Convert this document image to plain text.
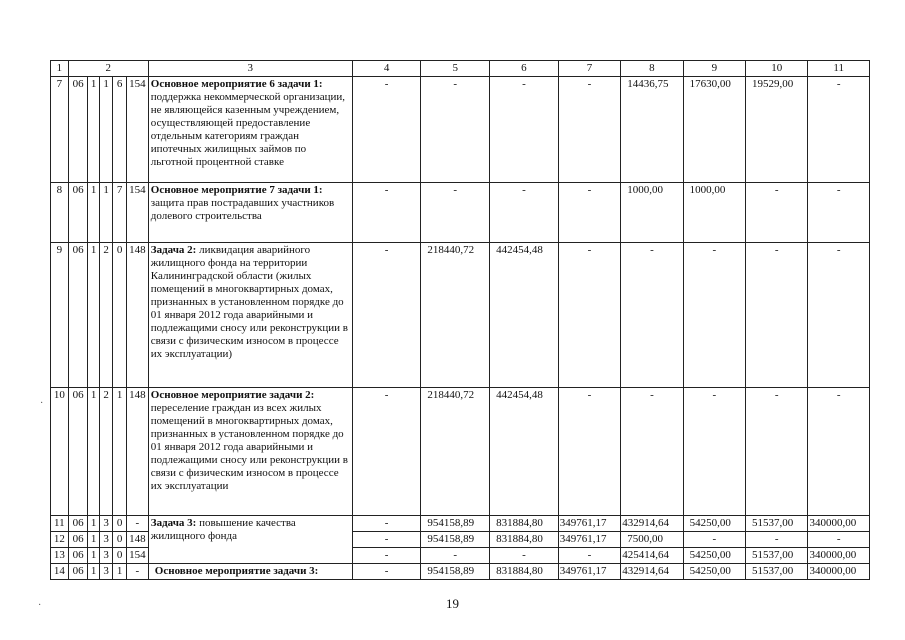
1	2					3	4	5	6	7	8	9	10	11
7	06	1	1	6	154	Основное мероприятие 6 задачи 1: поддержка некоммерческой организации, не являющейся казенным учреждением, осуществляющей предоставление отдельным категориям граждан ипотечных жилищных займов по льготной процентной ставке	-	-	-	-	14436,75	17630,00	19529,00	-
8	06	1	1	7	154	Основное мероприятие 7 задачи 1: защита прав пострадавших участников долевого строительства	-	-	-	-	1000,00	1000,00	-	-
9	06	1	2	0	148	Задача 2: ликвидация аварийного жилищного фонда на территории Калининградской области (жилых помещений в многоквартирных домах, признанных в установленном порядке до 01 января 2012 года аварийными и подлежащими сносу или реконструкции в связи с физическим износом в процессе их эксплуатации)	-	218440,72	442454,48	-	-	-	-	-
10	06	1	2	1	148	Основное мероприятие задачи 2: переселение граждан из всех жилых помещений в многоквартирных домах, признанных в установленном порядке до 01 января 2012 года аварийными и подлежащими сносу или реконструкции в связи с физическим износом в процессе их эксплуатации	-	218440,72	442454,48	-	-	-	-	-
11	06	1	3	0	-	Задача 3: повышение качества жилищного фонда	-	954158,89	831884,80	349761,17	432914,64	54250,00	51537,00	340000,00
12	06	1	3	0	148		-	954158,89	831884,80	349761,17	7500,00	-	-	-
13	06	1	3	0	154		-	-	-	-	425414,64	54250,00	51537,00	340000,00
14	06	1	3	1	-	Основное мероприятие задачи 3:	-	954158,89	831884,80	349761,17	432914,64	54250,00	51537,00	340000,00
·
·	19
